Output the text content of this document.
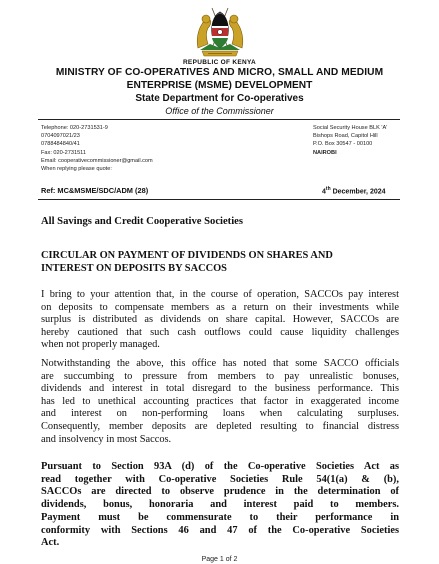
REPUBLIC OF KENYA
MINISTRY OF CO-OPERATIVES AND MICRO, SMALL AND MEDIUM
ENTERPRISE (MSME) DEVELOPMENT
State Department for Co-operatives
Office of the Commissioner
Telephone: 020-2731531-9
0704097021/23
0788484840/41
Fax: 020-2731511
Email: cooperativecommissioner@gmail.com
When replying please quote:
Social Security House BLK 'A'
Bishops Road, Capitol Hill
P.O. Box 30547 - 00100
NAIROBI
Ref: MC&MSME/SDC/ADM (28)	4th December, 2024
All Savings and Credit Cooperative Societies
CIRCULAR ON PAYMENT OF DIVIDENDS ON SHARES AND
INTEREST ON DEPOSITS BY SACCOS
I bring to your attention that, in the course of operation, SACCOs pay interest
on deposits to compensate members as a return on their investments while
surplus is distributed as dividends on share capital. However, SACCOs are
hereby cautioned that such cash outflows could cause liquidity challenges
when not properly managed.
Notwithstanding the above, this office has noted that some SACCO officials
are succumbing to pressure from members to pay unrealistic bonuses,
dividends and interest in total disregard to the business performance. This
has led to unethical accounting practices that factor in exaggerated income
and interest on non-performing loans when calculating surpluses.
Consequently, member deposits are depleted resulting to financial distress
and insolvency in most Saccos.
Pursuant to Section 93A (d) of the Co-operative Societies Act as
read together with Co-operative Societies Rule 54(1(a) & (b),
SACCOs are directed to observe prudence in the determination of
dividends, bonus, honoraria and interest paid to members.
Payment must be commensurate to their performance in
conformity with Sections 46 and 47 of the Co-operative Societies
Act.
Page 1 of 2
